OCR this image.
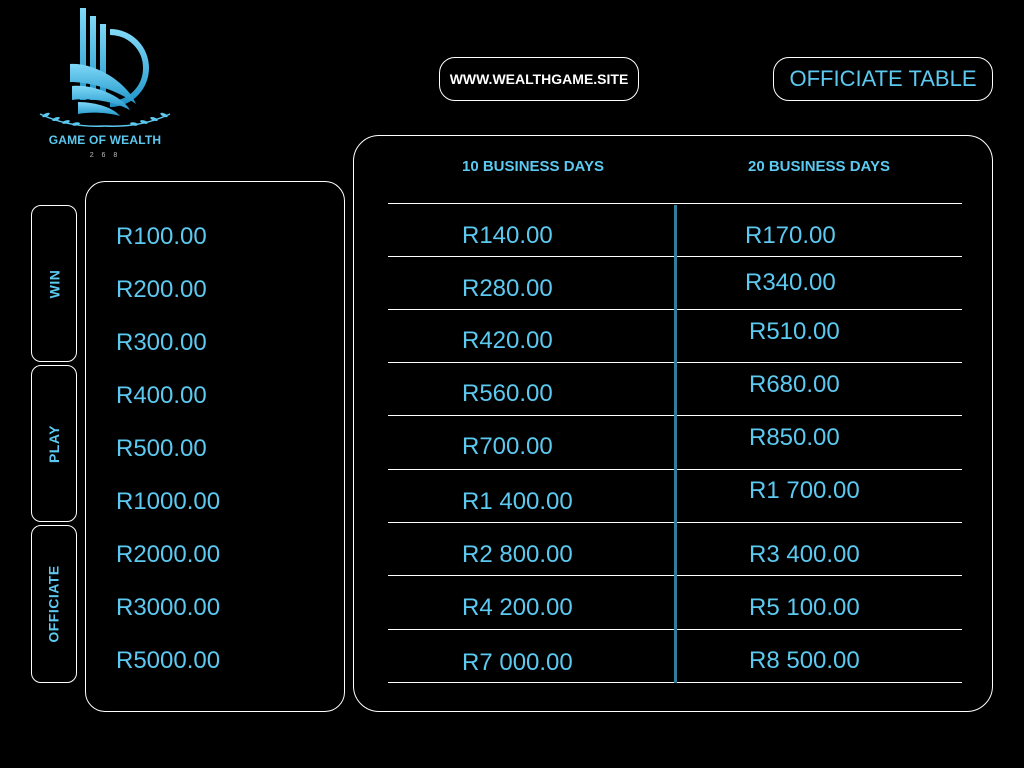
GAME OF WEALTH
2 6 8
WWW.WEALTHGAME.SITE	OFFICIATE TABLE
WIN
PLAY
OFFICIATE
R100.00
R200.00
R300.00
R400.00
R500.00
R1000.00
R2000.00
R3000.00
R5000.00
10 BUSINESS DAYS	20 BUSINESS DAYS
R140.00	R170.00
R280.00	R340.00
R420.00	R510.00
R560.00	R680.00
R700.00	R850.00
R1 400.00	R1 700.00
R2 800.00	R3 400.00
R4 200.00	R5 100.00
R7 000.00	R8 500.00
